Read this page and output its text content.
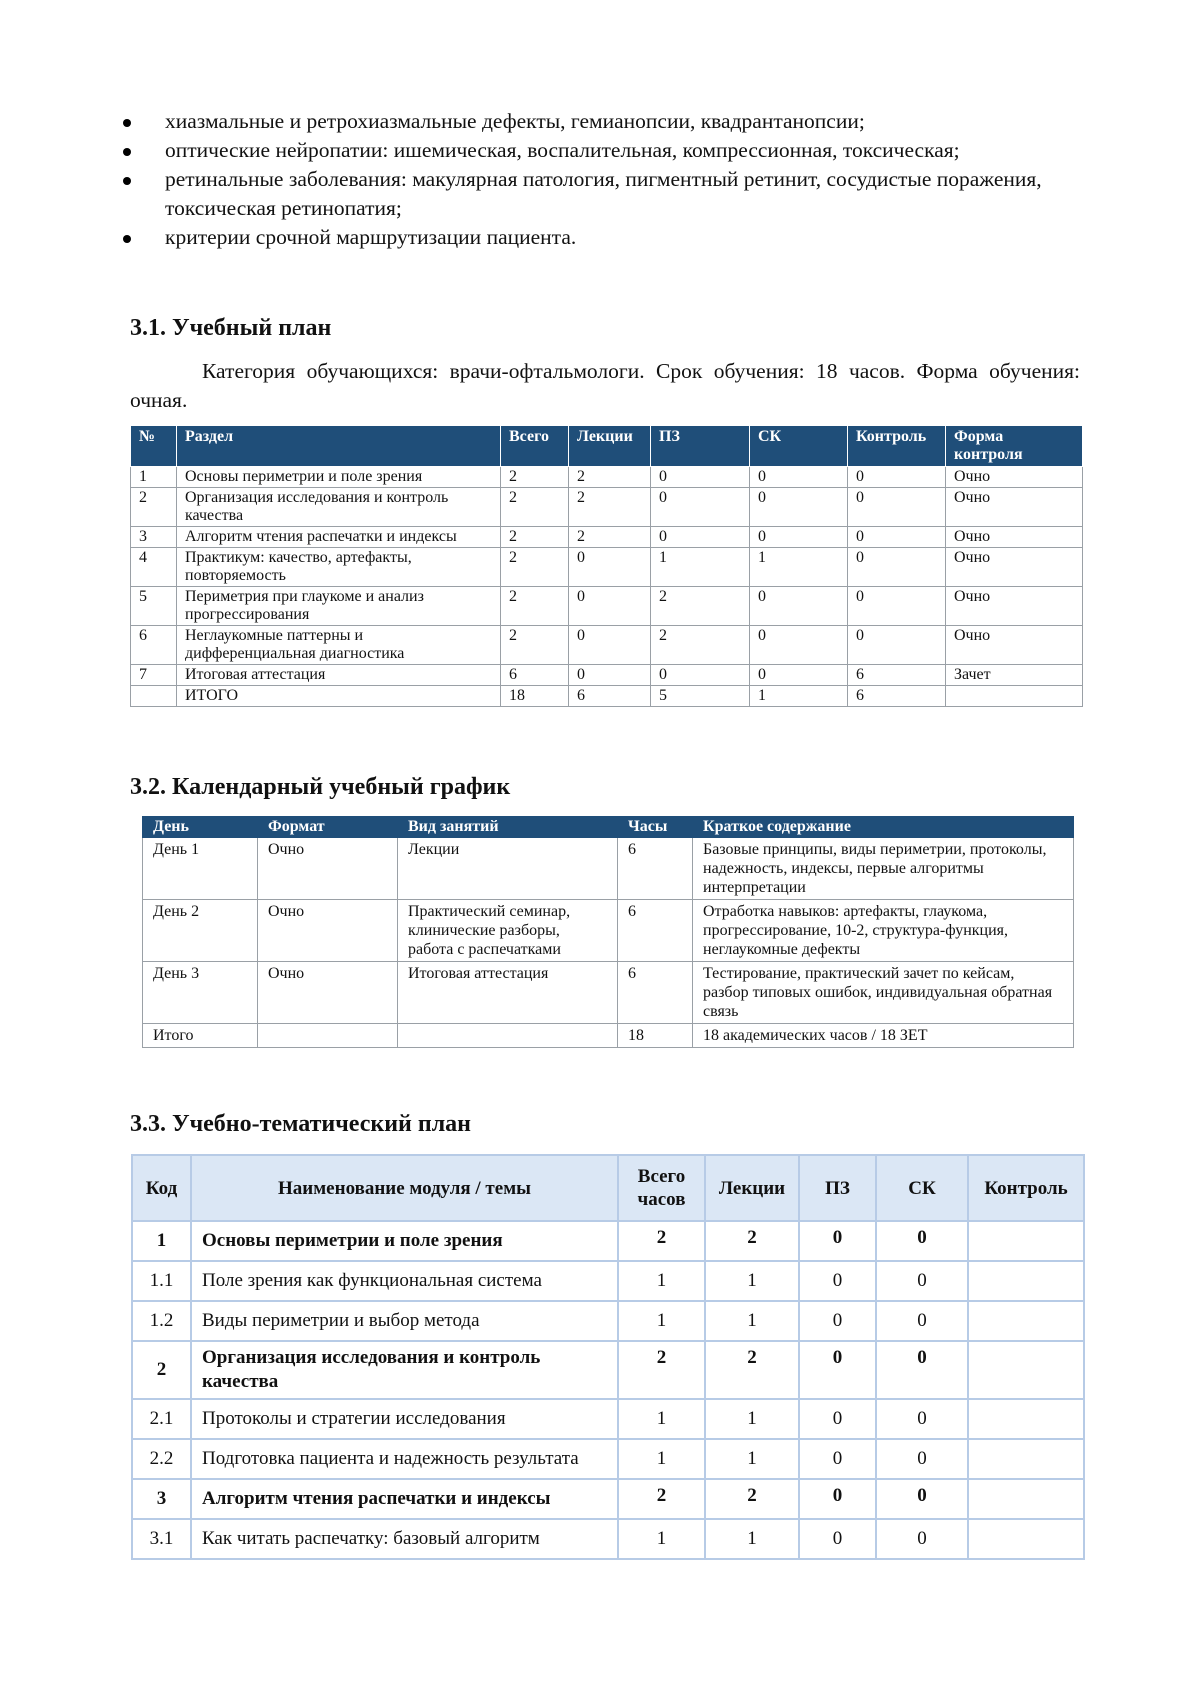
хиазмальные и ретрохиазмальные дефекты, гемианопсии, квадрантанопсии;
оптические нейропатии: ишемическая, воспалительная, компрессионная, токсическая;
ретинальные заболевания: макулярная патология, пигментный ретинит, сосудистые поражения, токсическая ретинопатия;
критерии срочной маршрутизации пациента.
3.1. Учебный план

Категория обучающихся: врачи-офтальмологи. Срок обучения: 18 часов. Форма обучения: очная.

№	Раздел	Всего	Лекции	ПЗ	СК	Контроль	Форма контроля
1	Основы периметрии и поле зрения	2	2	0	0	0	Очно
2	Организация исследования и контроль качества	2	2	0	0	0	Очно
3	Алгоритм чтения распечатки и индексы	2	2	0	0	0	Очно
4	Практикум: качество, артефакты, повторяемость	2	0	1	1	0	Очно
5	Периметрия при глаукоме и анализ прогрессирования	2	0	2	0	0	Очно
6	Неглаукомные паттерны и дифференциальная диагностика	2	0	2	0	0	Очно
7	Итоговая аттестация	6	0	0	0	6	Зачет
	ИТОГО	18	6	5	1	6	
3.2. Календарный учебный график
День	Формат	Вид занятий	Часы	Краткое содержание
День 1	Очно	Лекции	6	Базовые принципы, виды периметрии, протоколы, надежность, индексы, первые алгоритмы интерпретации
День 2	Очно	Практический семинар, клинические разборы, работа с распечатками	6	Отработка навыков: артефакты, глаукома, прогрессирование, 10-2, структура-функция, неглаукомные дефекты
День 3	Очно	Итоговая аттестация	6	Тестирование, практический зачет по кейсам, разбор типовых ошибок, индивидуальная обратная связь
Итого			18	18 академических часов / 18 ЗЕТ
3.3. Учебно-тематический план
Код	Наименование модуля / темы	Всего часов	Лекции	ПЗ	СК	Контроль
1	Основы периметрии и поле зрения	2	2	0	0	
1.1	Поле зрения как функциональная система	1	1	0	0	
1.2	Виды периметрии и выбор метода	1	1	0	0	
2	Организация исследования и контроль качества	2	2	0	0	
2.1	Протоколы и стратегии исследования	1	1	0	0	
2.2	Подготовка пациента и надежность результата	1	1	0	0	
3	Алгоритм чтения распечатки и индексы	2	2	0	0	
3.1	Как читать распечатку: базовый алгоритм	1	1	0	0	
